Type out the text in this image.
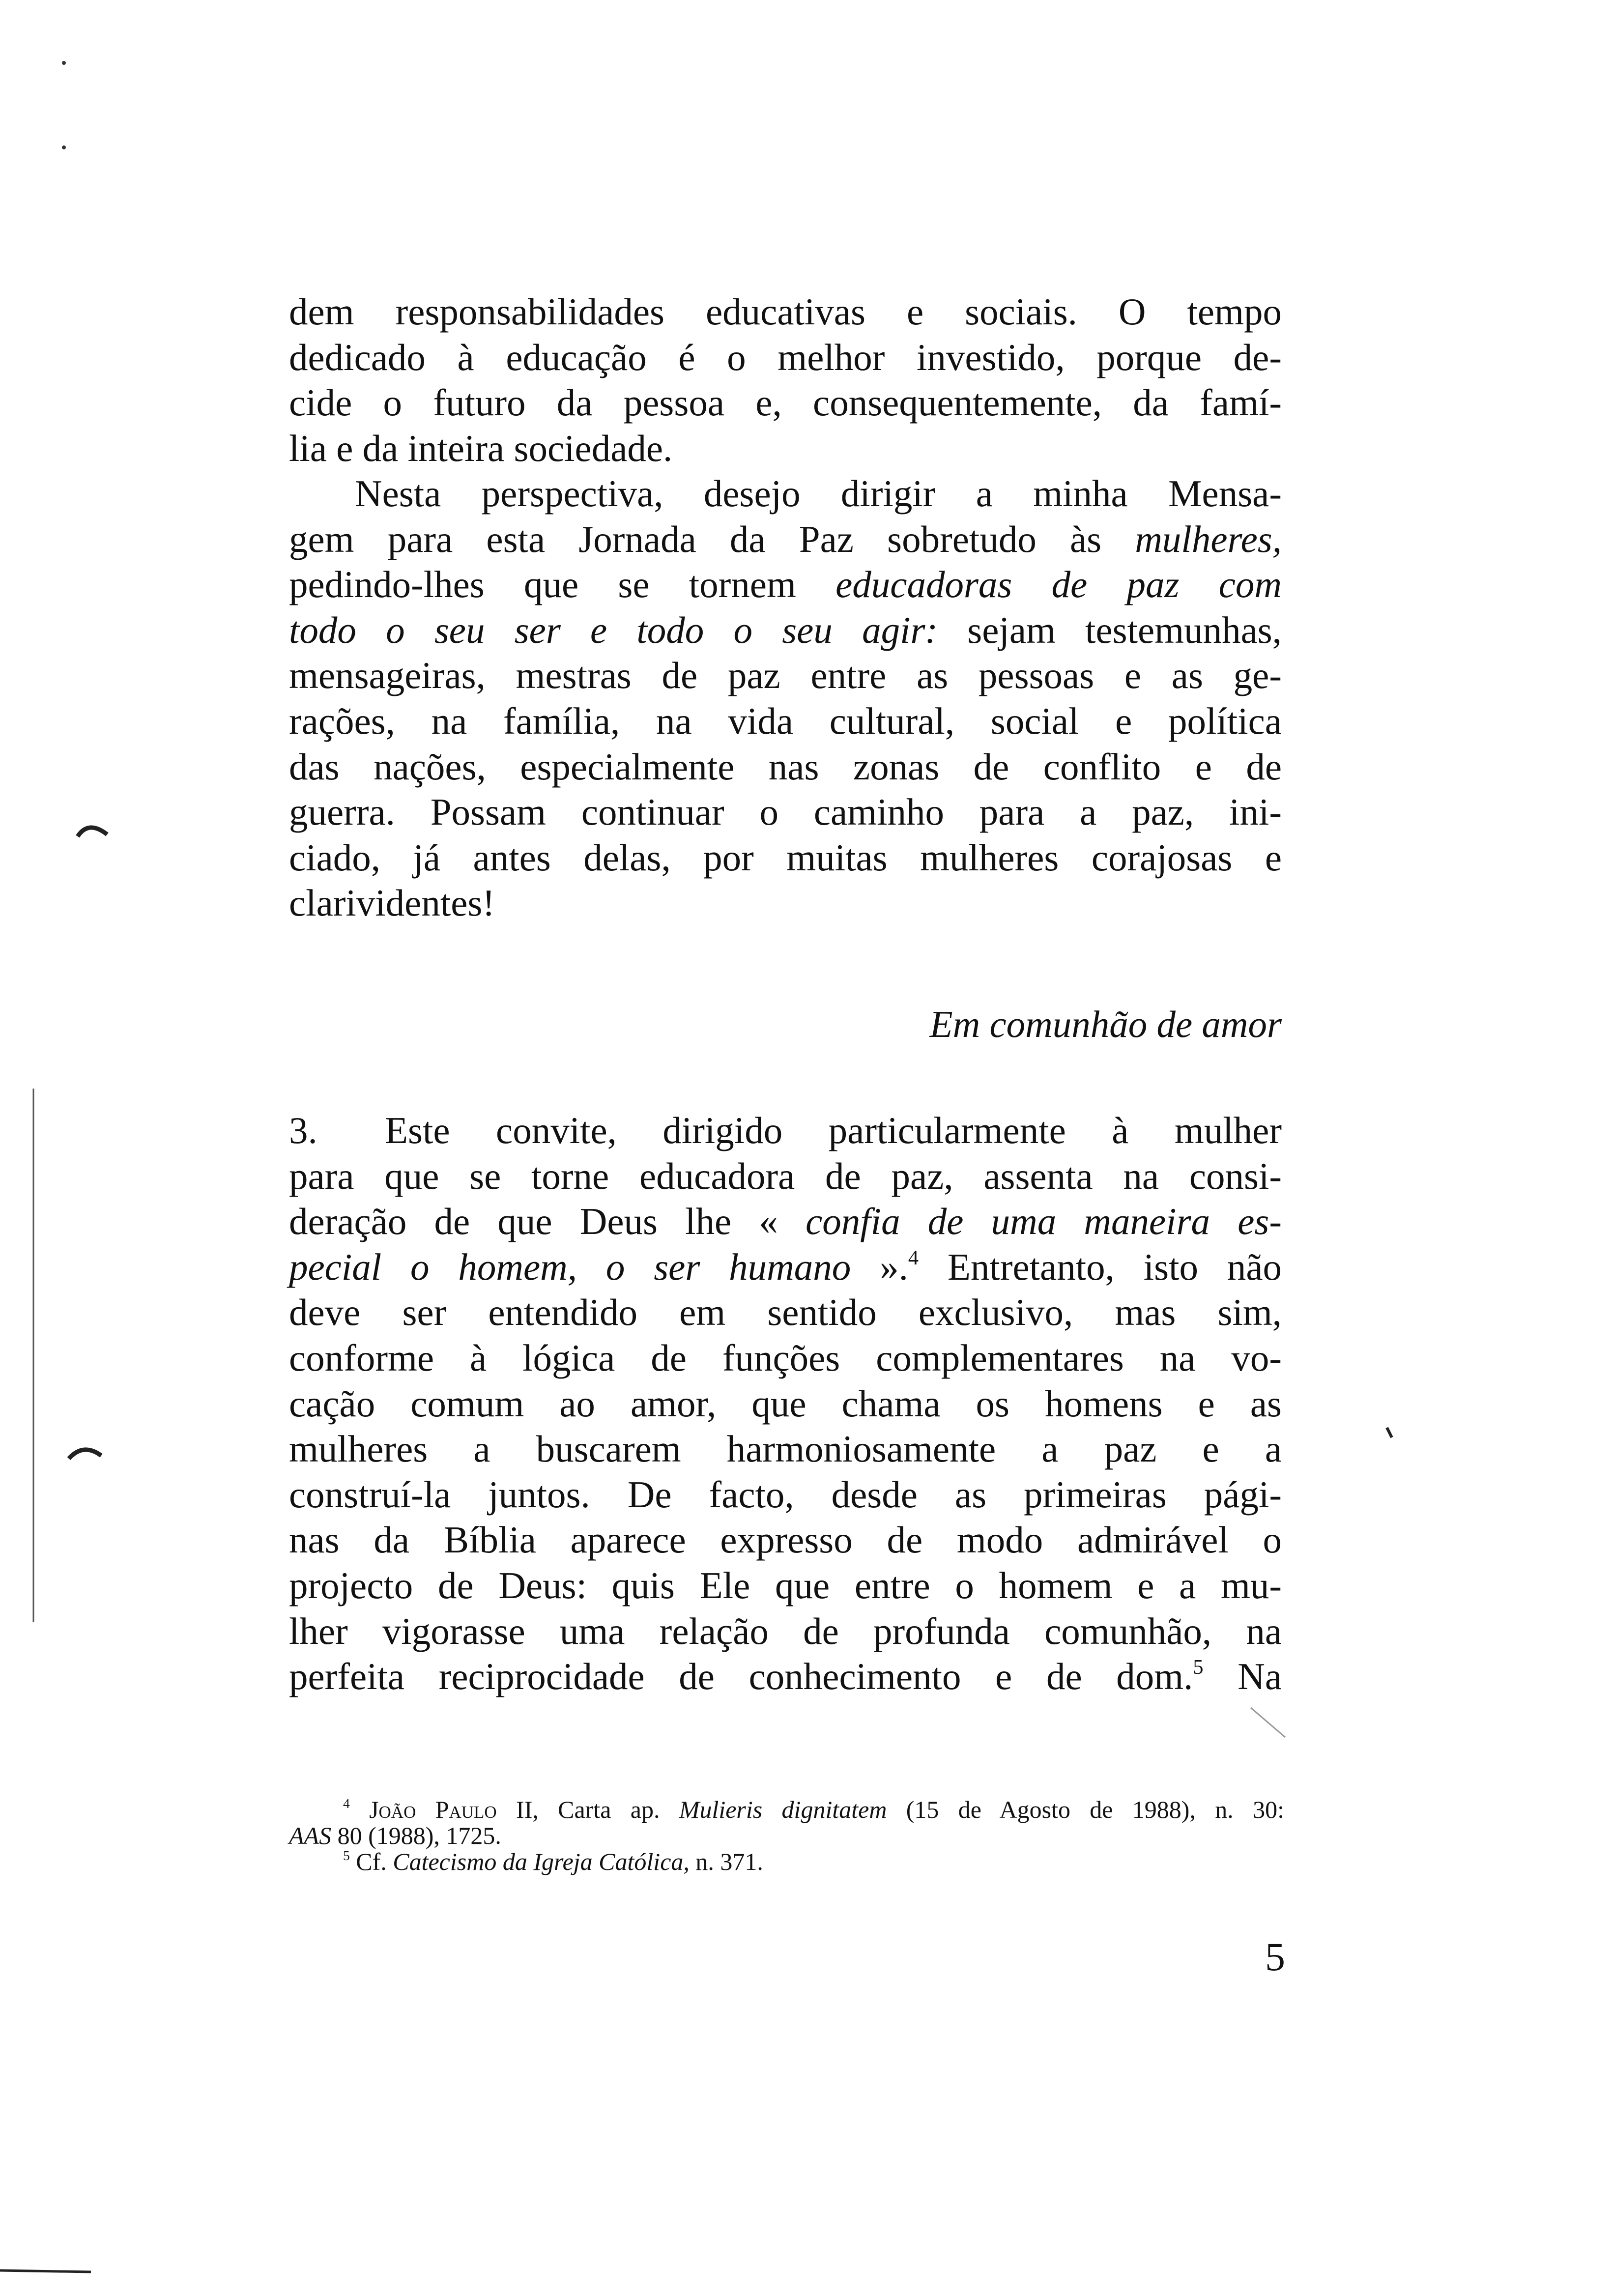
dem responsabilidades educativas e sociais. O tempo
dedicado à educação é o melhor investido, porque de-
cide o futuro da pessoa e, consequentemente, da famí-
lia e da inteira sociedade.
Nesta perspectiva, desejo dirigir a minha Mensa-
gem para esta Jornada da Paz sobretudo às mulheres,
pedindo-lhes que se tornem educadoras de paz com
todo o seu ser e todo o seu agir: sejam testemunhas,
mensageiras, mestras de paz entre as pessoas e as ge-
rações, na família, na vida cultural, social e política
das nações, especialmente nas zonas de conflito e de
guerra. Possam continuar o caminho para a paz, ini-
ciado, já antes delas, por muitas mulheres corajosas e
clarividentes!
Em comunhão de amor
3. Este convite, dirigido particularmente à mulher
para que se torne educadora de paz, assenta na consi-
deração de que Deus lhe « confia de uma maneira es-
pecial o homem, o ser humano ».$^4$ Entretanto, isto não
deve ser entendido em sentido exclusivo, mas sim,
conforme à lógica de funções complementares na vo-
cação comum ao amor, que chama os homens e as
mulheres a buscarem harmoniosamente a paz e a
construí-la juntos. De facto, desde as primeiras pági-
nas da Bíblia aparece expresso de modo admirável o
projecto de Deus: quis Ele que entre o homem e a mu-
lher vigorasse uma relação de profunda comunhão, na
perfeita reciprocidade de conhecimento e de dom.$^5$ Na
$^4$ João Paulo II, Carta ap. Mulieris dignitatem (15 de Agosto de 1988), n. 30:
AAS 80 (1988), 1725.
$^5$ Cf. Catecismo da Igreja Católica, n. 371.
5
